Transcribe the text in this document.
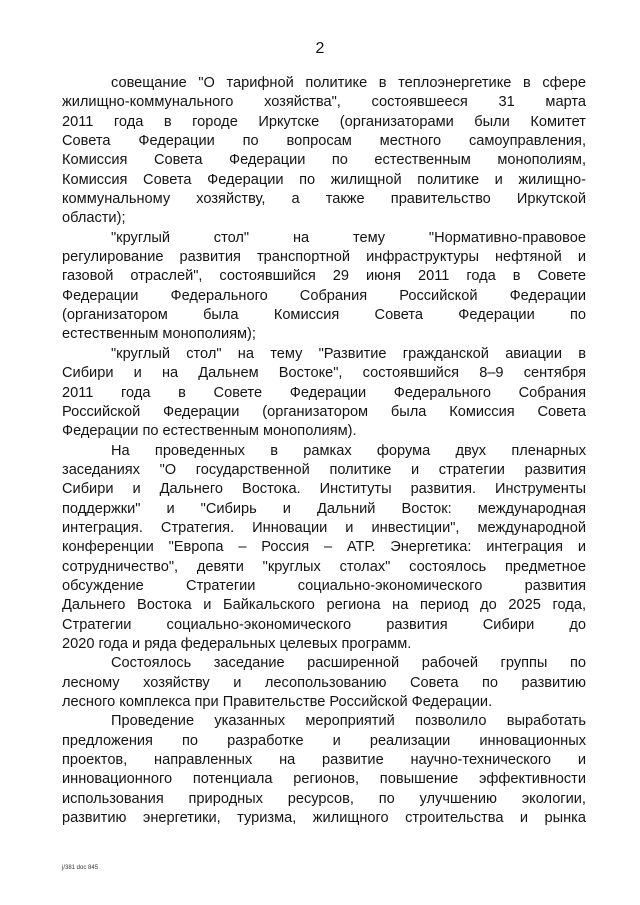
2
совещание "О тарифной политике в теплоэнергетике в сфере
жилищно-коммунального хозяйства", состоявшееся 31 марта
2011 года в городе Иркутске (организаторами были Комитет
Совета Федерации по вопросам местного самоуправления,
Комиссия Совета Федерации по естественным монополиям,
Комиссия Совета Федерации по жилищной политике и жилищно-
коммунальному хозяйству, а также правительство Иркутской
области);
"круглый стол" на тему "Нормативно-правовое
регулирование развития транспортной инфраструктуры нефтяной и
газовой отраслей", состоявшийся 29 июня 2011 года в Совете
Федерации Федерального Собрания Российской Федерации
(организатором была Комиссия Совета Федерации по
естественным монополиям);
"круглый стол" на тему "Развитие гражданской авиации в
Сибири и на Дальнем Востоке", состоявшийся 8–9 сентября
2011 года в Совете Федерации Федерального Собрания
Российской Федерации (организатором была Комиссия Совета
Федерации по естественным монополиям).
На проведенных в рамках форума двух пленарных
заседаниях "О государственной политике и стратегии развития
Сибири и Дальнего Востока. Институты развития. Инструменты
поддержки" и "Сибирь и Дальний Восток: международная
интеграция. Стратегия. Инновации и инвестиции", международной
конференции "Европа – Россия – АТР. Энергетика: интеграция и
сотрудничество", девяти "круглых столах" состоялось предметное
обсуждение Стратегии социально-экономического развития
Дальнего Востока и Байкальского региона на период до 2025 года,
Стратегии социально-экономического развития Сибири до
2020 года и ряда федеральных целевых программ.
Состоялось заседание расширенной рабочей группы по
лесному хозяйству и лесопользованию Совета по развитию
лесного комплекса при Правительстве Российской Федерации.
Проведение указанных мероприятий позволило выработать
предложения по разработке и реализации инновационных
проектов, направленных на развитие научно-технического и
инновационного потенциала регионов, повышение эффективности
использования природных ресурсов, по улучшению экологии,
развитию энергетики, туризма, жилищного строительства и рынка
j/381 doc 845
